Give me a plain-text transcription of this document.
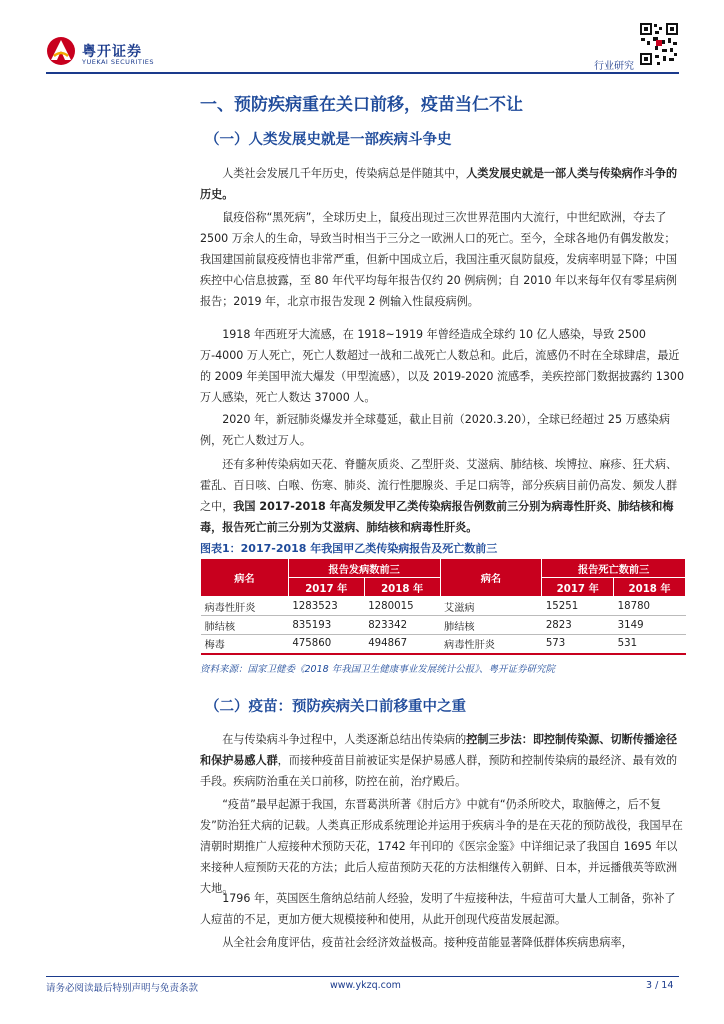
粤开证券
YUEKAI SECURITIES	行业研究
一、预防疾病重在关口前移，疫苗当仁不让
（一）人类发展史就是一部疾病斗争史
人类社会发展几千年历史，传染病总是伴随其中，人类发展史就是一部人类与传染病作斗争的历史。
鼠疫俗称“黑死病”，全球历史上，鼠疫出现过三次世界范围内大流行，中世纪欧洲，夺去了 2500 万余人的生命，导致当时相当于三分之一欧洲人口的死亡。至今，全球各地仍有偶发散发；我国建国前鼠疫疫情也非常严重，但新中国成立后，我国注重灭鼠防鼠疫，发病率明显下降；中国疾控中心信息披露，至 80 年代平均每年报告仅约 20 例病例；自 2010 年以来每年仅有零星病例报告；2019 年，北京市报告发现 2 例输入性鼠疫病例。
1918 年西班牙大流感，在 1918~1919 年曾经造成全球约 10 亿人感染，导致 2500 万-4000 万人死亡，死亡人数超过一战和二战死亡人数总和。此后，流感仍不时在全球肆虐，最近的 2009 年美国甲流大爆发（甲型流感），以及 2019-2020 流感季，美疾控部门数据披露约 1300 万人感染，死亡人数达 37000 人。
2020 年，新冠肺炎爆发并全球蔓延，截止目前（2020.3.20），全球已经超过 25 万感染病例，死亡人数过万人。
还有多种传染病如天花、脊髓灰质炎、乙型肝炎、艾滋病、肺结核、埃博拉、麻疹、狂犬病、霍乱、百日咳、白喉、伤寒、肺炎、流行性腮腺炎、手足口病等，部分疾病目前仍高发、频发人群之中，我国 2017-2018 年高发频发甲乙类传染病报告例数前三分别为病毒性肝炎、肺结核和梅毒，报告死亡前三分别为艾滋病、肺结核和病毒性肝炎。
图表1：2017-2018 年我国甲乙类传染病报告及死亡数前三
病名	报告发病数前三		病名	报告死亡数前三	
	2017 年	2018 年		2017 年	2018 年
病毒性肝炎	1283523	1280015	艾滋病	15251	18780
肺结核	835193	823342	肺结核	2823	3149
梅毒	475860	494867	病毒性肝炎	573	531
资料来源：国家卫健委《2018 年我国卫生健康事业发展统计公报》、粤开证券研究院
（二）疫苗：预防疾病关口前移重中之重
在与传染病斗争过程中，人类逐渐总结出传染病的控制三步法：即控制传染源、切断传播途径和保护易感人群，而接种疫苗目前被证实是保护易感人群，预防和控制传染病的最经济、最有效的手段。疾病防治重在关口前移，防控在前，治疗殿后。
“疫苗”最早起源于我国，东晋葛洪所著《肘后方》中就有“仍杀所咬犬，取脑傅之，后不复发”防治狂犬病的记载。人类真正形成系统理论并运用于疾病斗争的是在天花的预防战役，我国早在清朝时期推广人痘接种术预防天花，1742 年刊印的《医宗金鉴》中详细记录了我国自 1695 年以来接种人痘预防天花的方法；此后人痘苗预防天花的方法相继传入朝鲜、日本，并远播俄英等欧洲大地。
1796 年，英国医生詹纳总结前人经验，发明了牛痘接种法，牛痘苗可大量人工制备，弥补了人痘苗的不足，更加方便大规模接种和使用，从此开创现代疫苗发展起源。
从全社会角度评估，疫苗社会经济效益极高。接种疫苗能显著降低群体疾病患病率，
请务必阅读最后特别声明与免责条款	www.ykzq.com	3 / 14
